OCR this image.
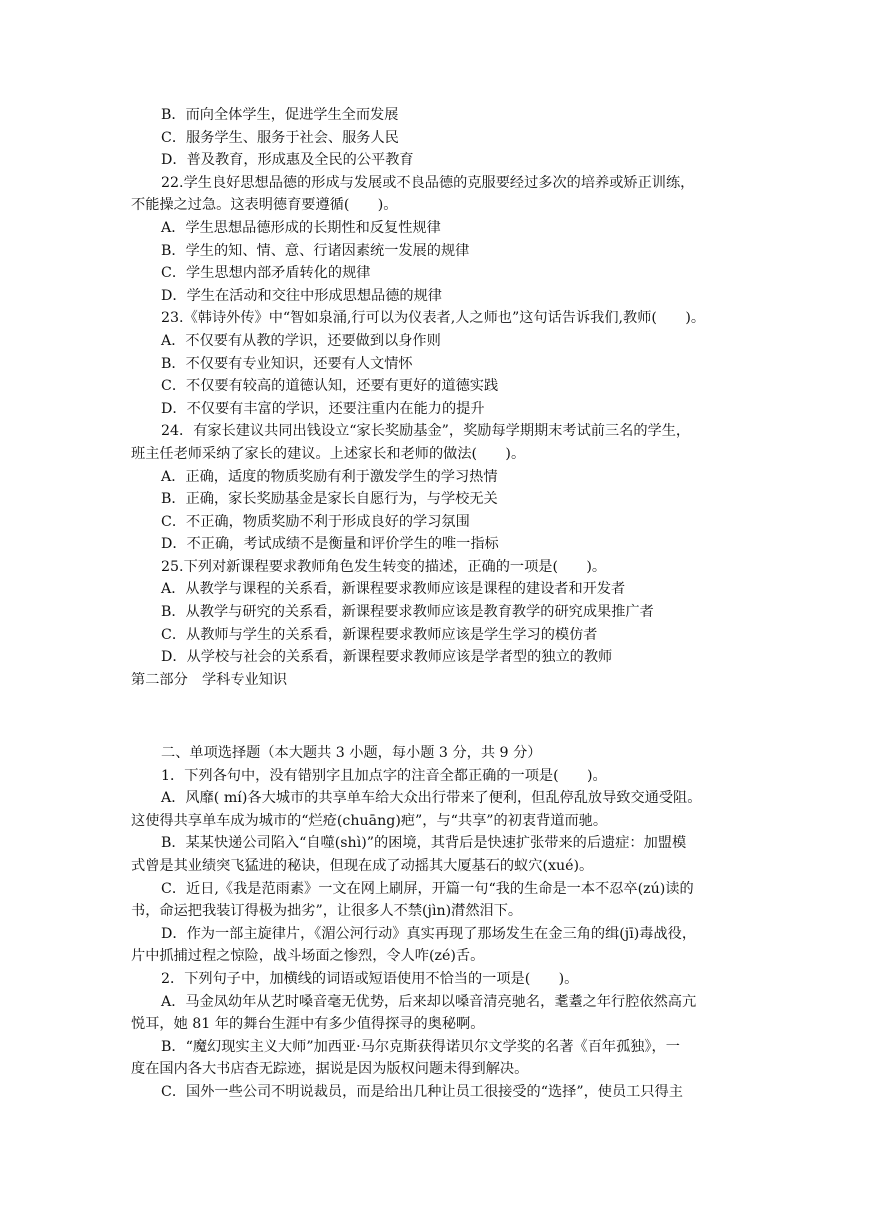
B．而向全体学生，促进学生全而发展
C．服务学生、服务于社会、服务人民
D．普及教育，形成惠及全民的公平教育
22.学生良好思想品德的形成与发展或不良品德的克服要经过多次的培养或矫正训练，
不能操之过急。这表明德育要遵循(　　)。
A．学生思想品德形成的长期性和反复性规律
B．学生的知、情、意、行诸因素统一发展的规律
C．学生思想内部矛盾转化的规律
D．学生在活动和交往中形成思想品德的规律
23.《韩诗外传》中“智如泉涌,行可以为仪表者,人之师也”这句话告诉我们,教师(　　)。
A．不仅要有从教的学识，还要做到以身作则
B．不仅要有专业知识，还要有人文情怀
C．不仅要有较高的道德认知，还要有更好的道德实践
D．不仅要有丰富的学识，还要注重内在能力的提升
24．有家长建议共同出钱设立“家长奖励基金”，奖励每学期期末考试前三名的学生，
班主任老师采纳了家长的建议。上述家长和老师的做法(　　)。
A．正确，适度的物质奖励有利于激发学生的学习热情
B．正确，家长奖励基金是家长自愿行为，与学校无关
C．不正确，物质奖励不利于形成良好的学习氛围
D．不正确，考试成绩不是衡量和评价学生的唯一指标
25.下列对新课程要求教师角色发生转变的描述，正确的一项是(　　)。
A．从教学与课程的关系看，新课程要求教师应该是课程的建设者和开发者
B．从教学与研究的关系看，新课程要求教师应该是教育教学的研究成果推广者
C．从教师与学生的关系看，新课程要求教师应该是学生学习的模仿者
D．从学校与社会的关系看，新课程要求教师应该是学者型的独立的教师
第二部分　学科专业知识
二、单项选择题（本大题共 3 小题，每小题 3 分，共 9 分）
1．下列各句中，没有错别字且加点字的注音全都正确的一项是(　　)。
A．风靡( mí)各大城市的共享单车给大众出行带来了便利，但乱停乱放导致交通受阻。
这使得共享单车成为城市的“烂疮(chuāng)疤”，与“共享”的初衷背道而驰。
B．某某快递公司陷入“自噬(shì)”的困境，其背后是快速扩张带来的后遗症：加盟模
式曾是其业绩突飞猛进的秘诀，但现在成了动摇其大厦基石的蚁穴(xué)。
C．近日,《我是范雨素》一文在网上刷屏，开篇一句“我的生命是一本不忍卒(zú)读的
书，命运把我装订得极为拙劣”，让很多人不禁(jìn)潸然泪下。
D．作为一部主旋律片，《湄公河行动》真实再现了那场发生在金三角的缉(jī)毒战役，
片中抓捕过程之惊险，战斗场面之惨烈，令人咋(zé)舌。
2．下列句子中，加横线的词语或短语使用不恰当的一项是(　　)。
A．马金凤幼年从艺时嗓音毫无优势，后来却以嗓音清亮驰名，耄耋之年行腔依然高亢
悦耳，她 81 年的舞台生涯中有多少值得探寻的奥秘啊。
B．“魔幻现实主义大师”加西亚·马尔克斯获得诺贝尔文学奖的名著《百年孤独》，一
度在国内各大书店杳无踪迹，据说是因为版权问题未得到解决。
C．国外一些公司不明说裁员，而是给出几种让员工很接受的“选择”，使员工只得主
